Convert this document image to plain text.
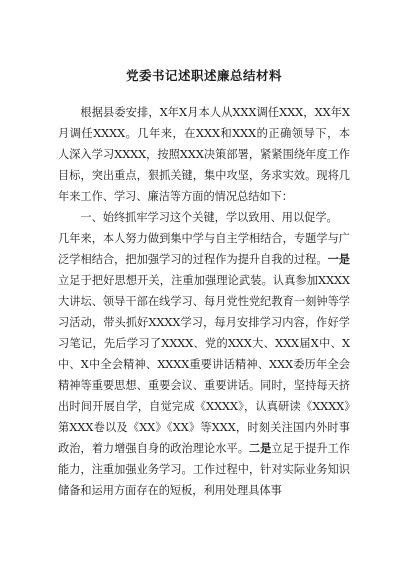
党委书记述职述廉总结材料

根据县委安排，X年X月本人从XXX调任XXX，XX年X月调任XXXX。几年来，在XXX和XXX的正确领导下，本人深入学习XXXX，按照XXX决策部署，紧紧围绕年度工作目标，突出重点，狠抓关键，集中攻坚，务求实效。现将几年来工作、学习、廉洁等方面的情况总结如下：

一、始终抓牢学习这个关键，学以致用、用以促学。

几年来，本人努力做到集中学与自主学相结合，专题学与广泛学相结合，把加强学习的过程作为提升自我的过程。一是立足于把好思想开关，注重加强理论武装。认真参加XXXX大讲坛、领导干部在线学习、每月党性党纪教育一刻钟等学习活动，带头抓好XXXX学习，每月安排学习内容，作好学习笔记，先后学习了XXXX、党的XXX大、XXX届X中、X中、X中全会精神、XXXX重要讲话精神、XXX委历年全会精神等重要思想、重要会议、重要讲话。同时，坚持每天挤出时间开展自学，自觉完成《XXXX》，认真研读《XXXX》第XXX卷以及《XX》《XX》等XXX，时刻关注国内外时事政治，着力增强自身的政治理论水平。二是立足于提升工作能力，注重加强业务学习。工作过程中，针对实际业务知识储备和运用方面存在的短板，利用处理具体事
